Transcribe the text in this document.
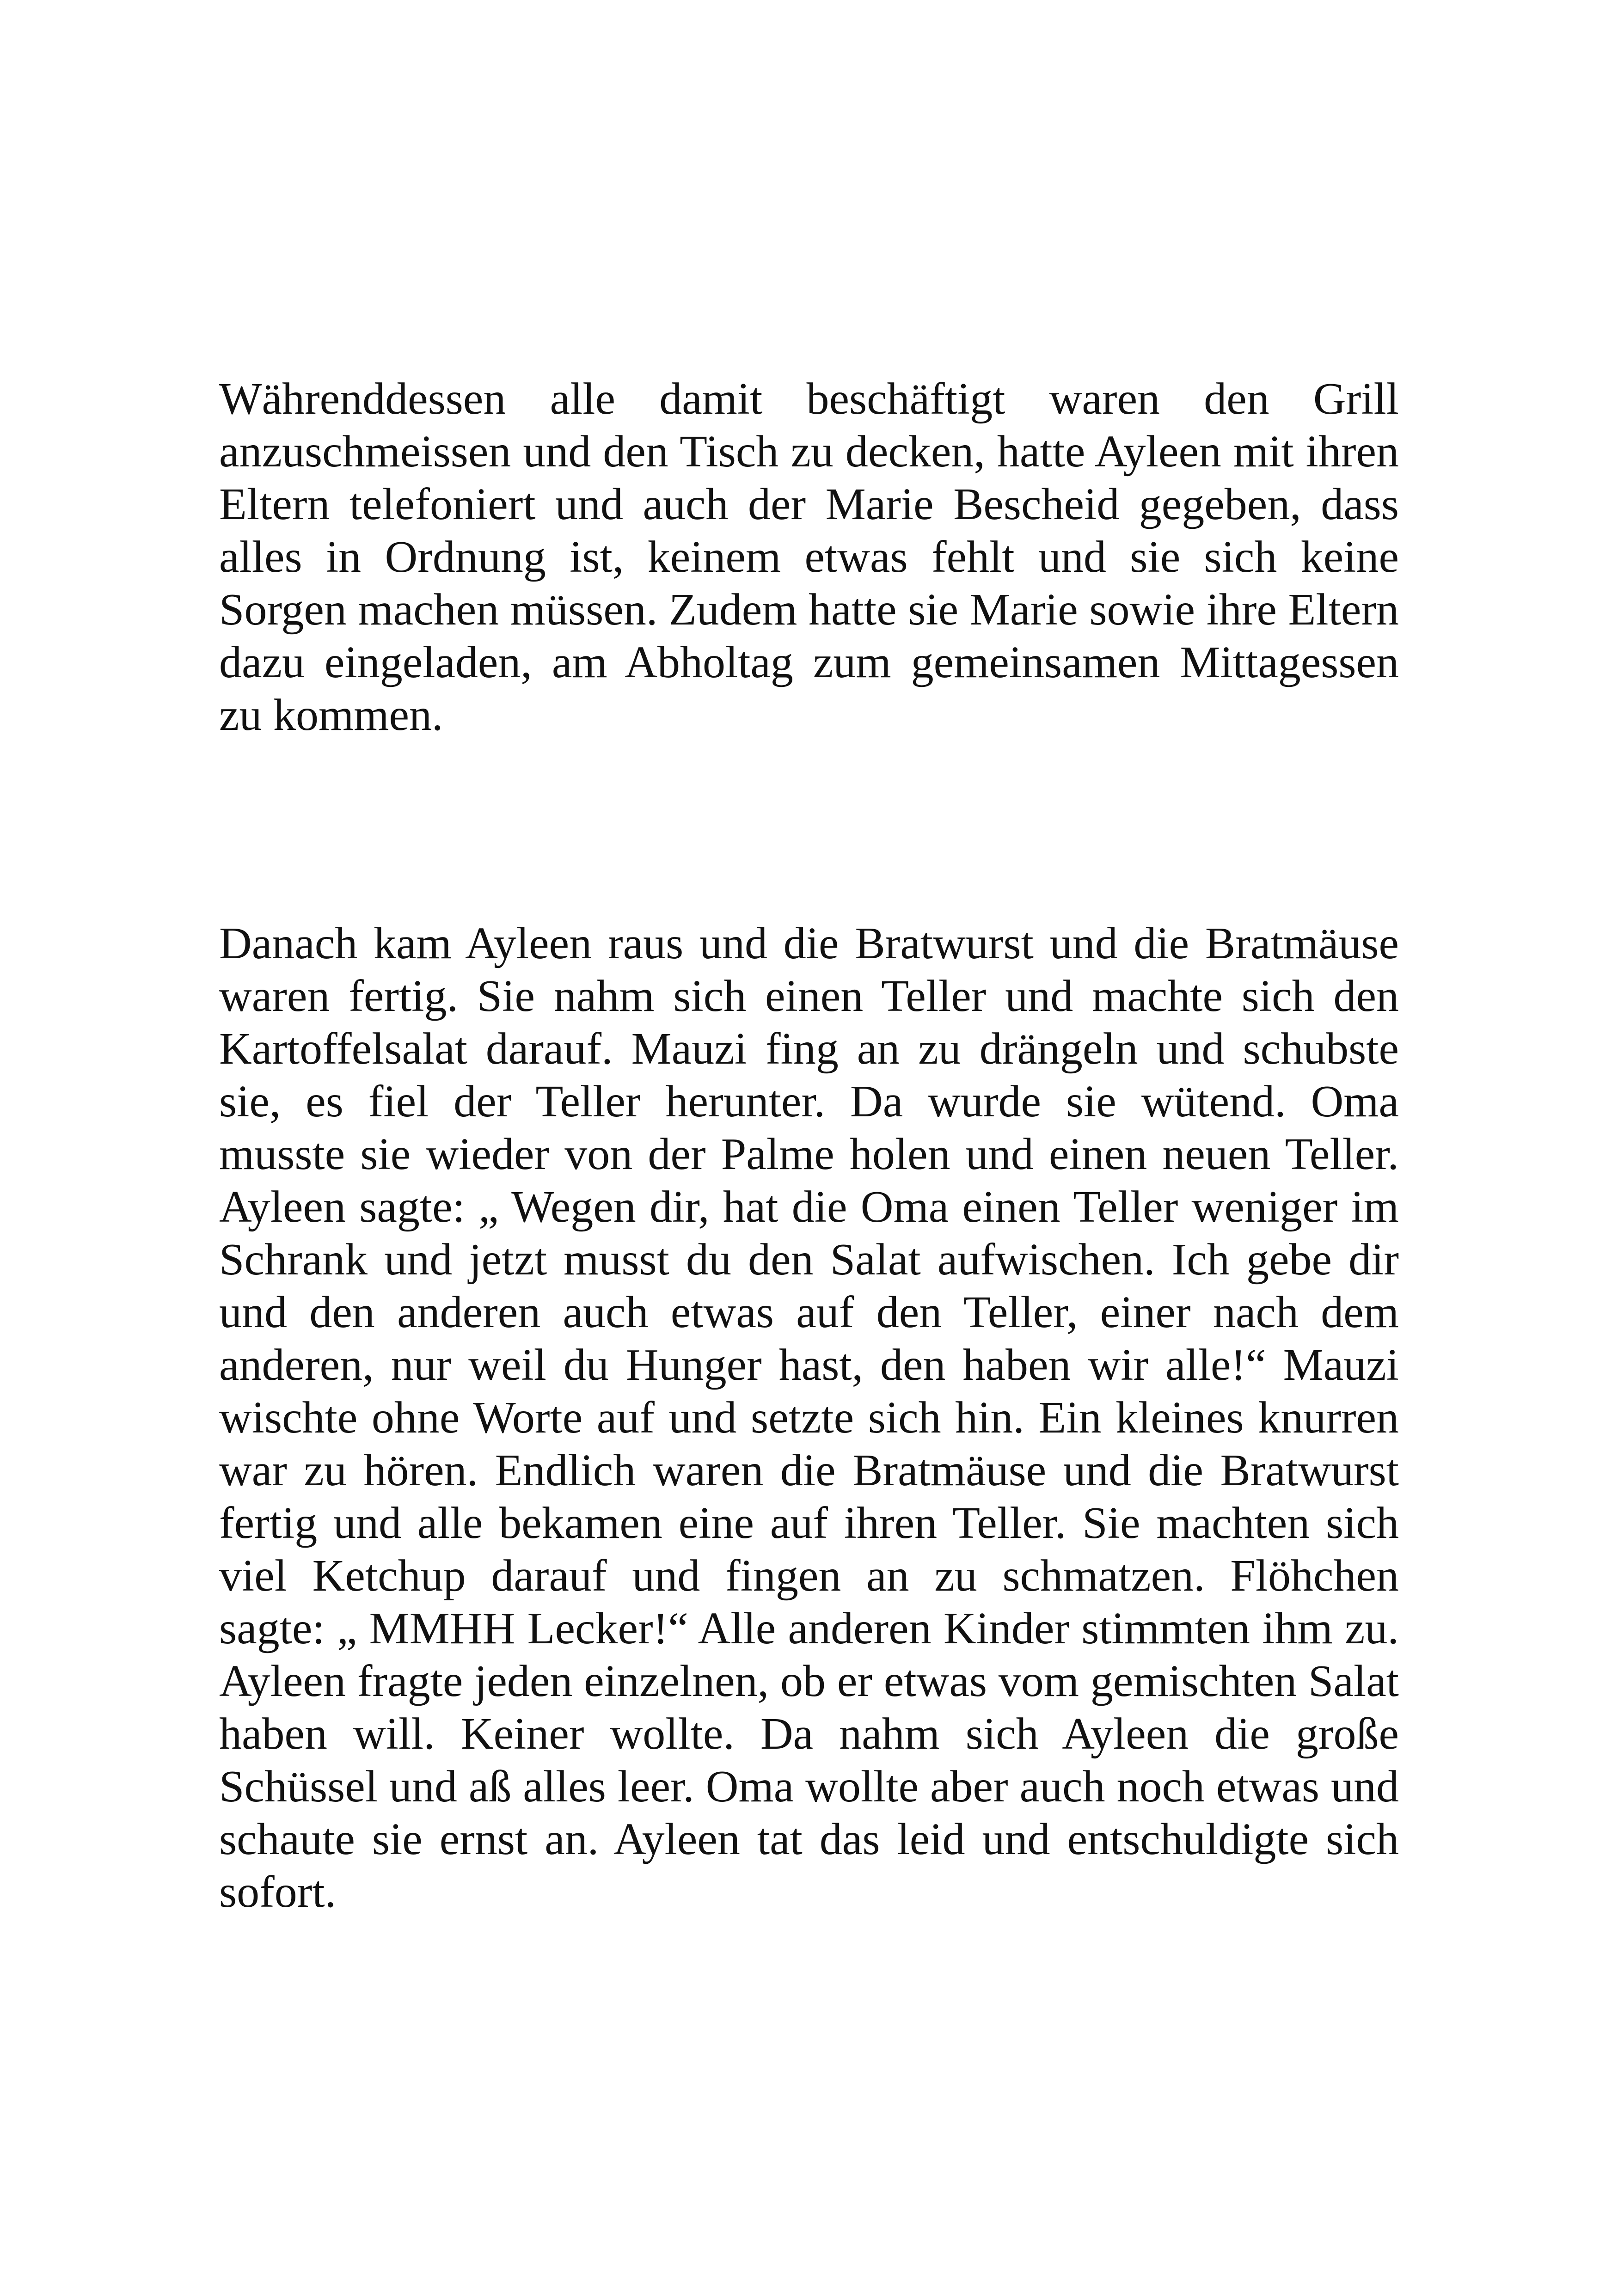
Währenddessen alle damit beschäftigt waren den Grill anzuschmeissen und den Tisch zu decken, hatte Ayleen mit ihren Eltern telefoniert und auch der Marie Bescheid gegeben, dass alles in Ordnung ist, keinem etwas fehlt und sie sich keine Sorgen machen müssen. Zudem hatte sie Marie sowie ihre Eltern dazu eingeladen, am Abholtag zum gemeinsamen Mittagessen zu kommen.

Danach kam Ayleen raus und die Bratwurst und die Bratmäuse waren fertig. Sie nahm sich einen Teller und machte sich den Kartoffelsalat darauf. Mauzi fing an zu drängeln und schubste sie, es fiel der Teller herunter. Da wurde sie wütend. Oma musste sie wieder von der Palme holen und einen neuen Teller. Ayleen sagte: „ Wegen dir, hat die Oma einen Teller weniger im Schrank und jetzt musst du den Salat aufwischen. Ich gebe dir und den anderen auch etwas auf den Teller, einer nach dem anderen, nur weil du Hunger hast, den haben wir alle!“ Mauzi wischte ohne Worte auf und setzte sich hin. Ein kleines knurren war zu hören. Endlich waren die Bratmäuse und die Bratwurst fertig und alle bekamen eine auf ihren Teller. Sie machten sich viel Ketchup darauf und fingen an zu schmatzen. Flöhchen sagte: „ MMHH Lecker!“ Alle anderen Kinder stimmten ihm zu. Ayleen fragte jeden einzelnen, ob er etwas vom gemischten Salat haben will. Keiner wollte. Da nahm sich Ayleen die große Schüssel und aß alles leer. Oma wollte aber auch noch etwas und schaute sie ernst an. Ayleen tat das leid und entschuldigte sich sofort.
